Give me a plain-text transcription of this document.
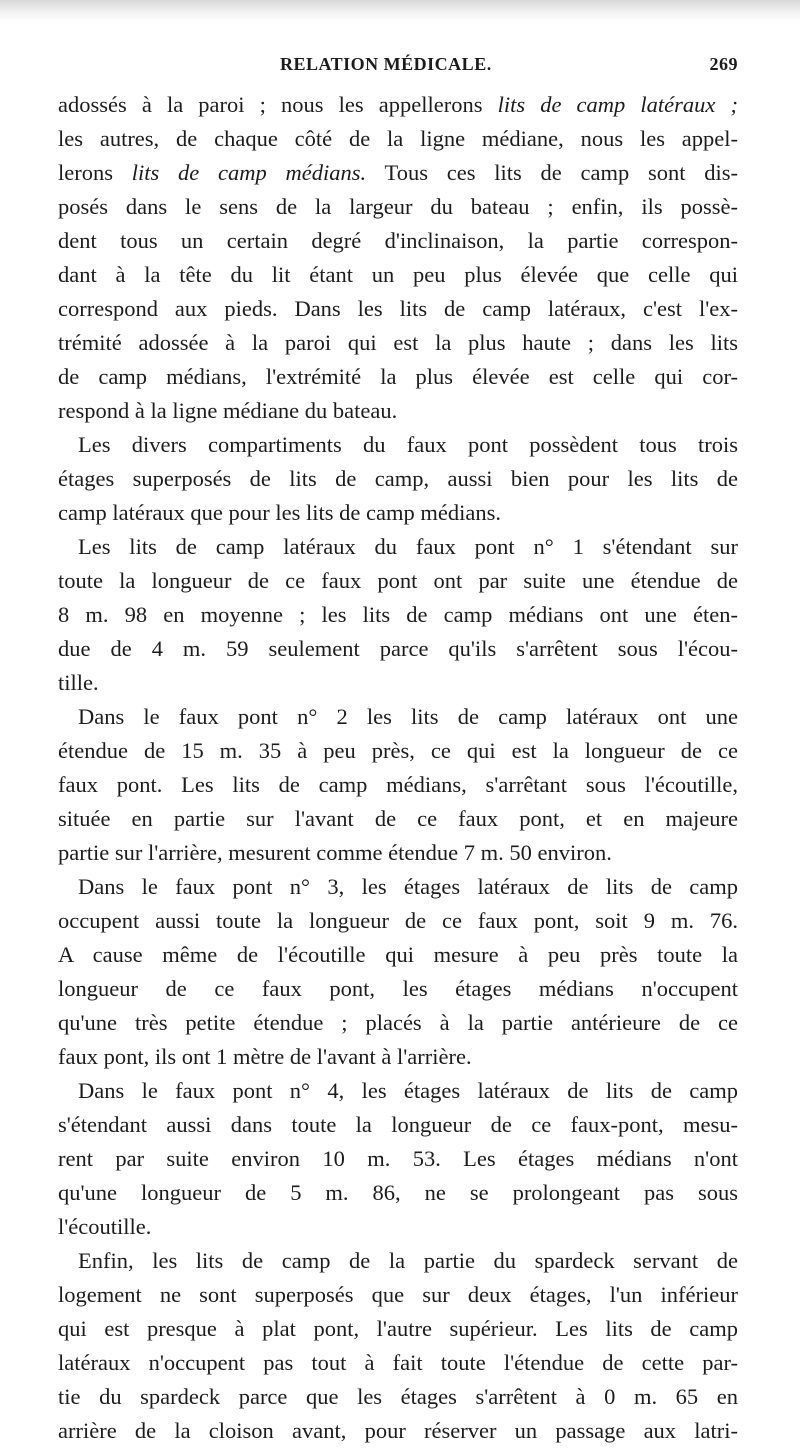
RELATION MÉDICALE.	269
adossés à la paroi ; nous les appellerons lits de camp latéraux ;
les autres, de chaque côté de la ligne médiane, nous les appel-
lerons lits de camp médians. Tous ces lits de camp sont dis-
posés dans le sens de la largeur du bateau ; enfin, ils possè-
dent tous un certain degré d'inclinaison, la partie correspon-
dant à la tête du lit étant un peu plus élevée que celle qui
correspond aux pieds. Dans les lits de camp latéraux, c'est l'ex-
trémité adossée à la paroi qui est la plus haute ; dans les lits
de camp médians, l'extrémité la plus élevée est celle qui cor-
respond à la ligne médiane du bateau.
Les divers compartiments du faux pont possèdent tous trois
étages superposés de lits de camp, aussi bien pour les lits de
camp latéraux que pour les lits de camp médians.
Les lits de camp latéraux du faux pont n° 1 s'étendant sur
toute la longueur de ce faux pont ont par suite une étendue de
8 m. 98 en moyenne ; les lits de camp médians ont une éten-
due de 4 m. 59 seulement parce qu'ils s'arrêtent sous l'écou-
tille.
Dans le faux pont n° 2 les lits de camp latéraux ont une
étendue de 15 m. 35 à peu près, ce qui est la longueur de ce
faux pont. Les lits de camp médians, s'arrêtant sous l'écoutille,
située en partie sur l'avant de ce faux pont, et en majeure
partie sur l'arrière, mesurent comme étendue 7 m. 50 environ.
Dans le faux pont n° 3, les étages latéraux de lits de camp
occupent aussi toute la longueur de ce faux pont, soit 9 m. 76.
A cause même de l'écoutille qui mesure à peu près toute la
longueur de ce faux pont, les étages médians n'occupent
qu'une très petite étendue ; placés à la partie antérieure de ce
faux pont, ils ont 1 mètre de l'avant à l'arrière.
Dans le faux pont n° 4, les étages latéraux de lits de camp
s'étendant aussi dans toute la longueur de ce faux-pont, mesu-
rent par suite environ 10 m. 53. Les étages médians n'ont
qu'une longueur de 5 m. 86, ne se prolongeant pas sous
l'écoutille.
Enfin, les lits de camp de la partie du spardeck servant de
logement ne sont superposés que sur deux étages, l'un inférieur
qui est presque à plat pont, l'autre supérieur. Les lits de camp
latéraux n'occupent pas tout à fait toute l'étendue de cette par-
tie du spardeck parce que les étages s'arrêtent à 0 m. 65 en
arrière de la cloison avant, pour réserver un passage aux latri-
